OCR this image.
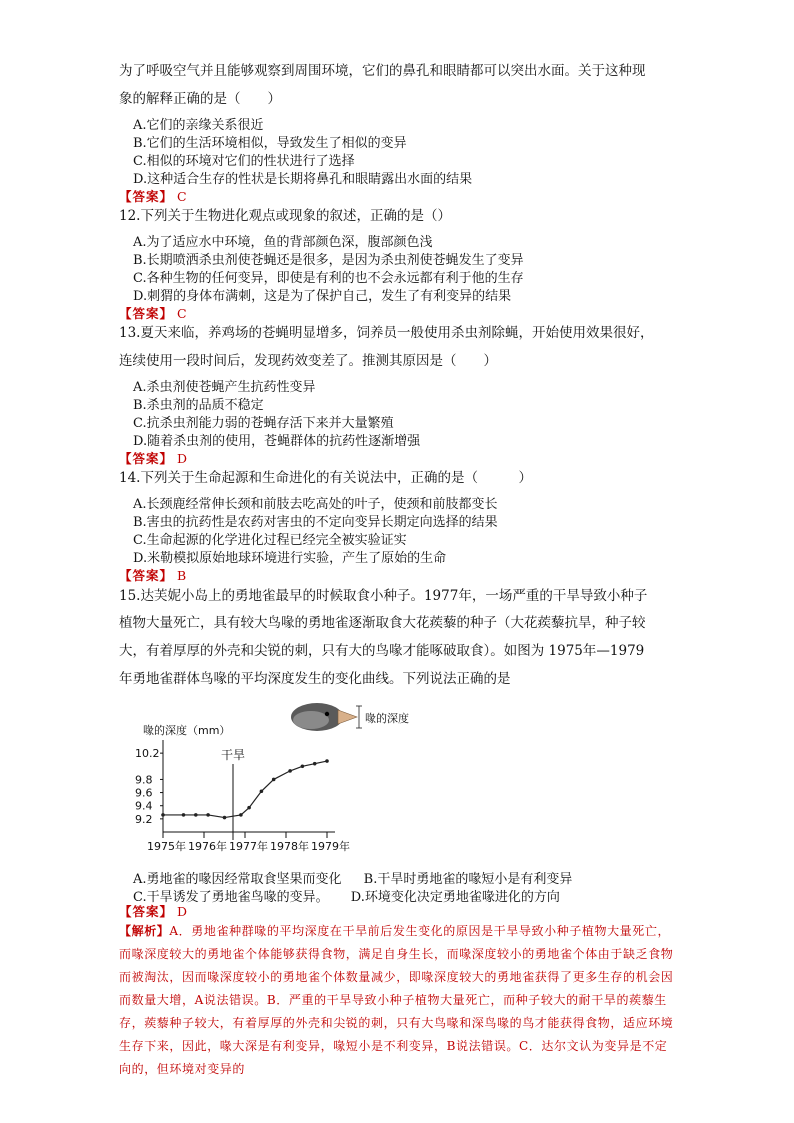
为了呼吸空气并且能够观察到周围环境，它们的鼻孔和眼睛都可以突出水面。关于这种现
象的解释正确的是（　　）
A.它们的亲缘关系很近
B.它们的生活环境相似，导致发生了相似的变异
C.相似的环境对它们的性状进行了选择
D.这种适合生存的性状是长期将鼻孔和眼睛露出水面的结果
【答案】 C
12.下列关于生物进化观点或现象的叙述，正确的是（）
A.为了适应水中环境，鱼的背部颜色深，腹部颜色浅
B.长期喷洒杀虫剂使苍蝇还是很多，是因为杀虫剂使苍蝇发生了变异
C.各种生物的任何变异，即使是有利的也不会永远都有利于他的生存
D.刺猬的身体布满刺，这是为了保护自己，发生了有利变异的结果
【答案】 C
13.夏天来临，养鸡场的苍蝇明显增多，饲养员一般使用杀虫剂除蝇，开始使用效果很好，
连续使用一段时间后，发现药效变差了。推测其原因是（　　）
A.杀虫剂使苍蝇产生抗药性变异
B.杀虫剂的品质不稳定
C.抗杀虫剂能力弱的苍蝇存活下来并大量繁殖
D.随着杀虫剂的使用，苍蝇群体的抗药性逐渐增强
【答案】 D
14.下列关于生命起源和生命进化的有关说法中，正确的是（　　　）
A.长颈鹿经常伸长颈和前肢去吃高处的叶子，使颈和前肢都变长
B.害虫的抗药性是农药对害虫的不定向变异长期定向选择的结果
C.生命起源的化学进化过程已经完全被实验证实
D.米勒模拟原始地球环境进行实验，产生了原始的生命
【答案】 B
15.达芙妮小岛上的勇地雀最早的时候取食小种子。1977年，一场严重的干旱导致小种子
植物大量死亡，具有较大鸟喙的勇地雀逐渐取食大花蒺藜的种子（大花蒺藜抗旱，种子较
大，有着厚厚的外壳和尖锐的刺，只有大的鸟喙才能啄破取食）。如图为 1975年—1979
年勇地雀群体鸟喙的平均深度发生的变化曲线。下列说法正确的是
喙的深度
喙的深度（mm）
干旱
10.2
9.8
9.6
9.4
9.2
1975年 1976年 1977年 1978年 1979年
A.勇地雀的喙因经常取食坚果而变化 B.干旱时勇地雀的喙短小是有利变异
C.干旱诱发了勇地雀鸟喙的变异。 D.环境变化决定勇地雀喙进化的方向
【答案】 D
【解析】A．勇地雀种群喙的平均深度在干旱前后发生变化的原因是干旱导致小种子植物大量死亡，而喙深度较大的勇地雀个体能够获得食物，满足自身生长，而喙深度较小的勇地雀个体由于缺乏食物而被淘汰，因而喙深度较小的勇地雀个体数量减少，即喙深度较大的勇地雀获得了更多生存的机会因而数量大增，A说法错误。B．严重的干旱导致小种子植物大量死亡，而种子较大的耐干旱的蒺藜生存，蒺藜种子较大，有着厚厚的外壳和尖锐的刺，只有大鸟喙和深鸟喙的鸟才能获得食物，适应环境生存下来，因此，喙大深是有利变异，喙短小是不利变异，B说法错误。C．达尔文认为变异是不定向的，但环境对变异的
